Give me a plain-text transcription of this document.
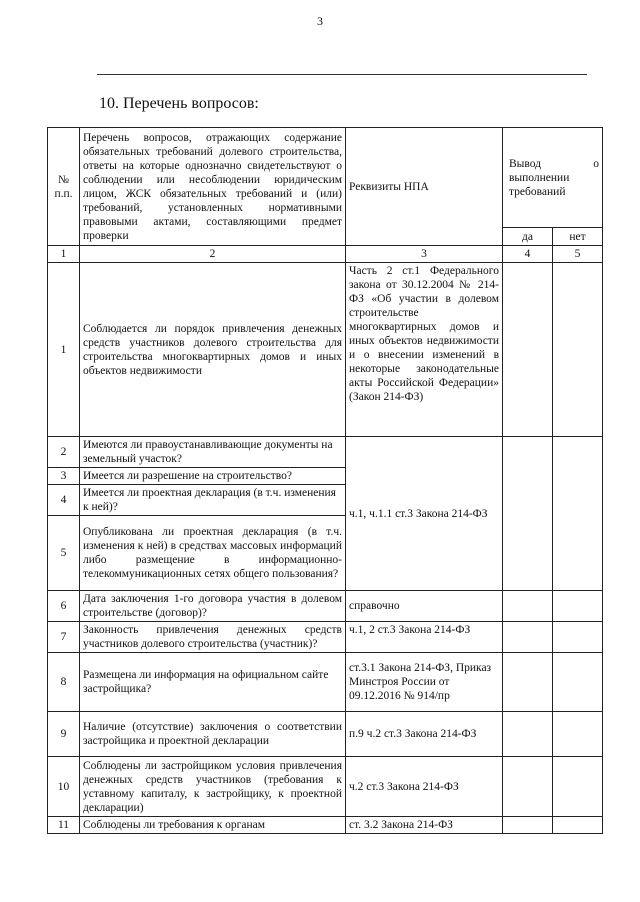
3
10. Перечень вопросов:
№ п.п.	Перечень вопросов, отражающих содержание обязательных требований долевого строительства, ответы на которые однозначно свидетельствуют о соблюдении или несоблюдении юридическим лицом, ЖСК обязательных требований и (или) требований, установленных нормативными правовыми актами, составляющими предмет проверки	Реквизиты НПА	Вывод о выполнении требований	
			да	нет
1	2	3	4	5
1	Соблюдается ли порядок привлечения денежных средств участников долевого строительства для строительства многоквартирных домов и иных объектов недвижимости	Часть 2 ст.1 Федерального закона от 30.12.2004 № 214-ФЗ «Об участии в долевом строительстве многоквартирных домов и иных объектов недвижимости и о внесении изменений в некоторые законодательные акты Российской Федерации» (Закон 214-ФЗ)		
2	Имеются ли правоустанавливающие документы на земельный участок?	ч.1, ч.1.1 ст.3 Закона 214-ФЗ		
3	Имеется ли разрешение на строительство?			
4	Имеется ли проектная декларация (в т.ч. изменения к ней)?			
5	Опубликована ли проектная декларация (в т.ч. изменения к ней) в средствах массовых информаций либо размещение в информационно-телекоммуникационных сетях общего пользования?			
6	Дата заключения 1-го договора участия в долевом строительстве (договор)?	справочно		
7	Законность привлечения денежных средств участников долевого строительства (участник)?	ч.1, 2 ст.3 Закона 214-ФЗ		
8	Размещена ли информация на официальном сайте застройщика?	ст.3.1 Закона 214-ФЗ, Приказ Минстроя России от 09.12.2016 № 914/пр		
9	Наличие (отсутствие) заключения о соответствии застройщика и проектной декларации	п.9 ч.2 ст.3 Закона 214-ФЗ		
10	Соблюдены ли застройщиком условия привлечения денежных средств участников (требования к уставному капиталу, к застройщику, к проектной декларации)	ч.2 ст.3 Закона 214-ФЗ		
11	Соблюдены ли требования к органам	ст. 3.2 Закона 214-ФЗ		
